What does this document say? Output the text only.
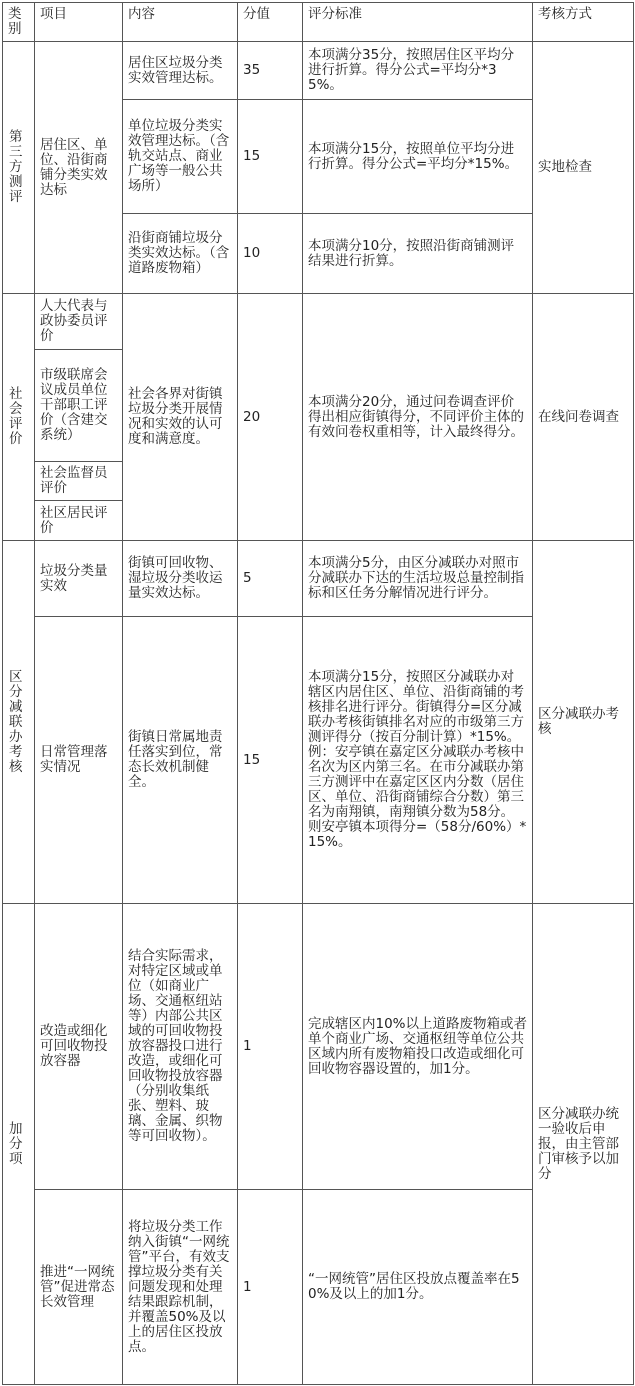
类别	项目	内容	分值	评分标准	考核方式
第三方测评	居住区、单位、沿街商铺分类实效达标	居住区垃圾分类实效管理达标。	35	本项满分35分，按照居住区平均分进行折算。得分公式=平均分*35%。	实地检查
		单位垃圾分类实效管理达标。（含轨交站点、商业广场等一般公共场所）	15	本项满分15分，按照单位平均分进行折算。得分公式=平均分*15%。	
		沿街商铺垃圾分类实效达标。（含道路废物箱）	10	本项满分10分，按照沿街商铺测评结果进行折算。	
社会评价	人大代表与政协委员评价	社会各界对街镇垃圾分类开展情况和实效的认可度和满意度。	20	本项满分20分，通过问卷调查评价得出相应街镇得分，不同评价主体的有效问卷权重相等，计入最终得分。	在线问卷调查
	市级联席会议成员单位干部职工评价（含建交系统）				
	社会监督员评价				
	社区居民评价				
区分减联办考核	垃圾分类量实效	街镇可回收物、湿垃圾分类收运量实效达标。	5	本项满分5分，由区分减联办对照市分减联办下达的生活垃圾总量控制指标和区任务分解情况进行评分。	区分减联办考核
	日常管理落实情况	街镇日常属地责任落实到位，常态长效机制健全。	15	本项满分15分，按照区分减联办对辖区内居住区、单位、沿街商铺的考核排名进行评分。街镇得分=区分减联办考核街镇排名对应的市级第三方测评得分（按百分制计算）*15%。例：安亭镇在嘉定区分减联办考核中名次为区内第三名。在市分减联办第三方测评中在嘉定区区内分数（居住区、单位、沿街商铺综合分数）第三名为南翔镇，南翔镇分数为58分。则安亭镇本项得分=（58分/60%）*15%。	
加分项	改造或细化可回收物投放容器	结合实际需求，对特定区域或单位（如商业广场、交通枢纽站等）内部公共区域的可回收物投放容器投口进行改造，或细化可回收物投放容器（分别收集纸张、塑料、玻璃、金属、织物等可回收物）。	1	完成辖区内10%以上道路废物箱或者单个商业广场、交通枢纽等单位公共区域内所有废物箱投口改造或细化可回收物容器设置的，加1分。	区分减联办统一验收后申报，由主管部门审核予以加分
	推进“一网统管”促进常态长效管理	将垃圾分类工作纳入街镇“一网统管”平台，有效支撑垃圾分类有关问题发现和处理结果跟踪机制，并覆盖50%及以上的居住区投放点。	1	“一网统管”居住区投放点覆盖率在50%及以上的加1分。	
